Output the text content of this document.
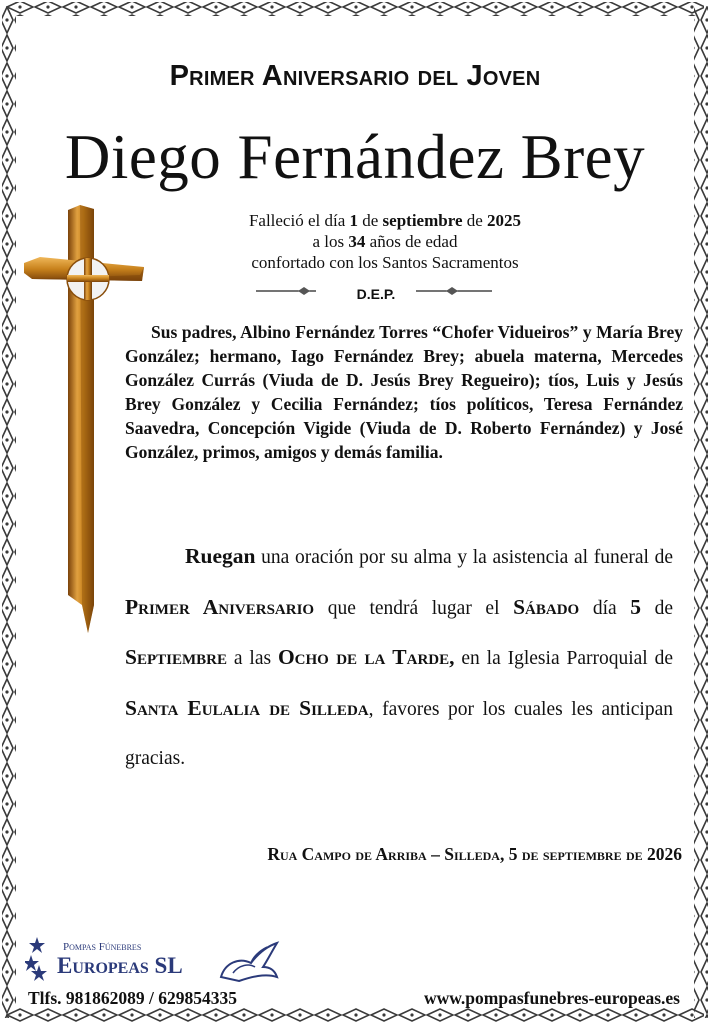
Primer Aniversario del Joven
Diego Fernández Brey
Falleció el día 1 de septiembre de 2025
a los 34 años de edad
confortado con los Santos Sacramentos
D.E.P.
Sus padres, Albino Fernández Torres “Chofer Vidueiros” y María Brey González; hermano, Iago Fernández Brey; abuela materna, Mercedes González Currás (Viuda de D. Jesús Brey Regueiro); tíos, Luis y Jesús Brey González y Cecilia Fernández; tíos políticos, Teresa Fernández Saavedra, Concepción Vigide (Viuda de D. Roberto Fernández) y José González, primos, amigos y demás familia.
Ruegan una oración por su alma y la asistencia al funeral de Primer Aniversario que tendrá lugar el Sábado día 5 de Septiembre a las Ocho de la Tarde, en la Iglesia Parroquial de Santa Eulalia de Silleda, favores por los cuales les anticipan gracias.
Rua Campo de Arriba – Silleda, 5 de septiembre de 2026
Pompas Fúnebres
Europeas SL
Tlfs. 981862089 / 629854335	www.pompasfunebres-europeas.es
